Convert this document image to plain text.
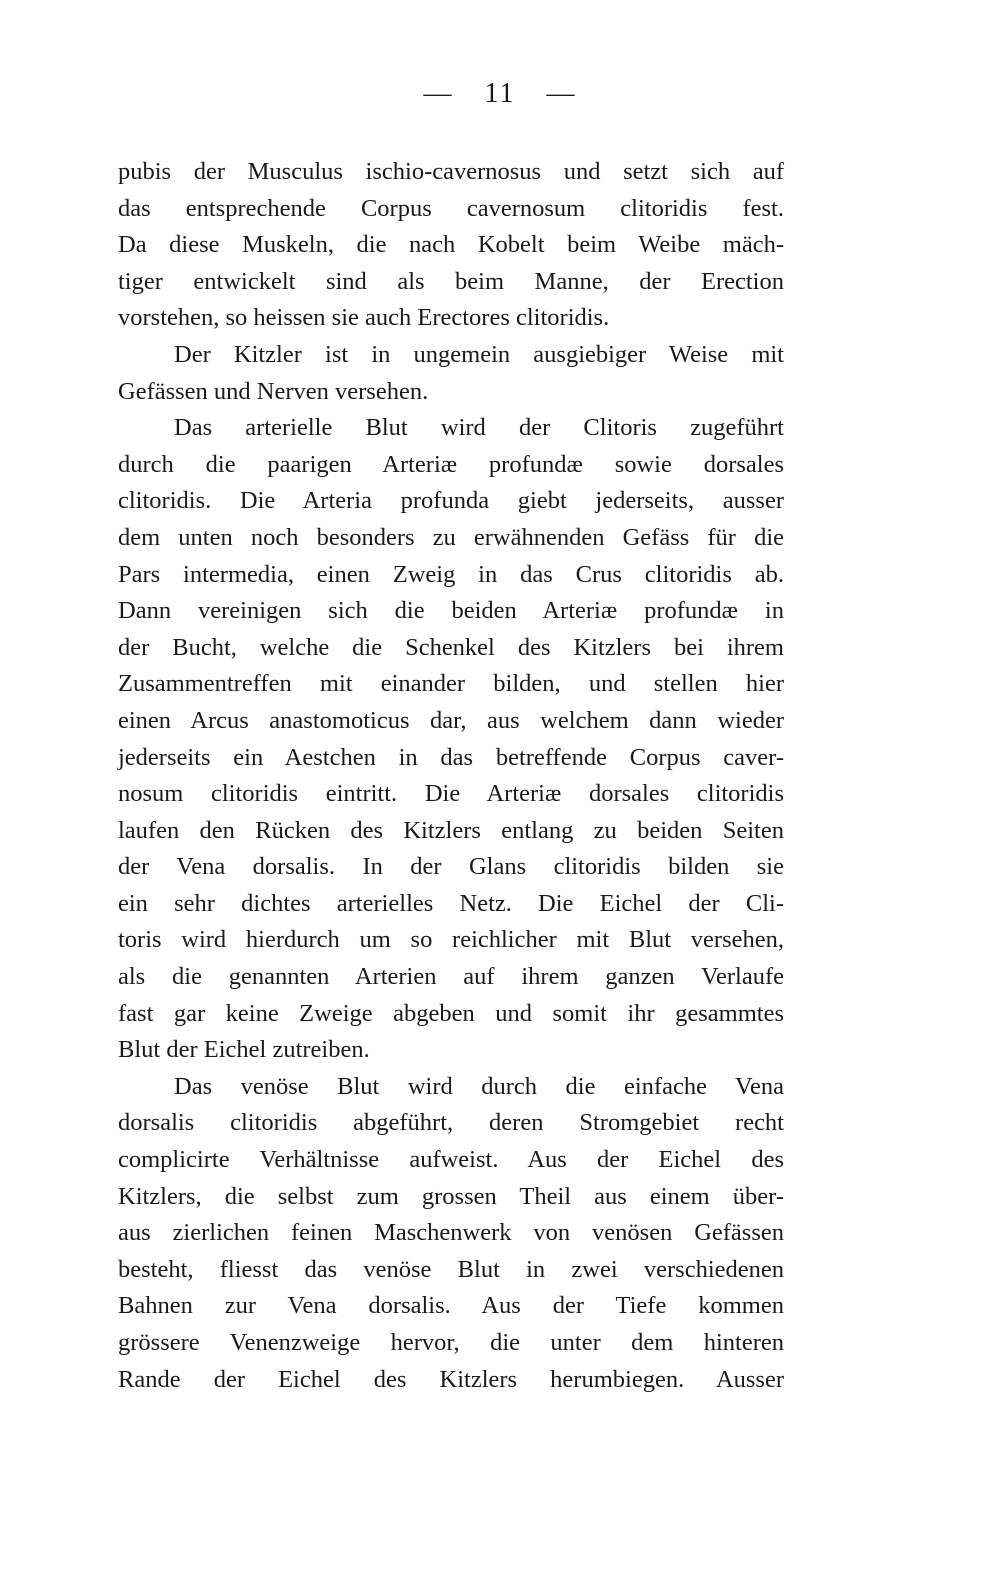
— 11 —
pubis der Musculus ischio-cavernosus und setzt sich auf
das entsprechende Corpus cavernosum clitoridis fest.
Da diese Muskeln, die nach Kobelt beim Weibe mäch-
tiger entwickelt sind als beim Manne, der Erection
vorstehen, so heissen sie auch Erectores clitoridis.
Der Kitzler ist in ungemein ausgiebiger Weise mit
Gefässen und Nerven versehen.
Das arterielle Blut wird der Clitoris zugeführt
durch die paarigen Arteriæ profundæ sowie dorsales
clitoridis. Die Arteria profunda giebt jederseits, ausser
dem unten noch besonders zu erwähnenden Gefäss für die
Pars intermedia, einen Zweig in das Crus clitoridis ab.
Dann vereinigen sich die beiden Arteriæ profundæ in
der Bucht, welche die Schenkel des Kitzlers bei ihrem
Zusammentreffen mit einander bilden, und stellen hier
einen Arcus anastomoticus dar, aus welchem dann wieder
jederseits ein Aestchen in das betreffende Corpus caver-
nosum clitoridis eintritt. Die Arteriæ dorsales clitoridis
laufen den Rücken des Kitzlers entlang zu beiden Seiten
der Vena dorsalis. In der Glans clitoridis bilden sie
ein sehr dichtes arterielles Netz. Die Eichel der Cli-
toris wird hierdurch um so reichlicher mit Blut versehen,
als die genannten Arterien auf ihrem ganzen Verlaufe
fast gar keine Zweige abgeben und somit ihr gesammtes
Blut der Eichel zutreiben.
Das venöse Blut wird durch die einfache Vena
dorsalis clitoridis abgeführt, deren Stromgebiet recht
complicirte Verhältnisse aufweist. Aus der Eichel des
Kitzlers, die selbst zum grossen Theil aus einem über-
aus zierlichen feinen Maschenwerk von venösen Gefässen
besteht, fliesst das venöse Blut in zwei verschiedenen
Bahnen zur Vena dorsalis. Aus der Tiefe kommen
grössere Venenzweige hervor, die unter dem hinteren
Rande der Eichel des Kitzlers herumbiegen. Ausser
